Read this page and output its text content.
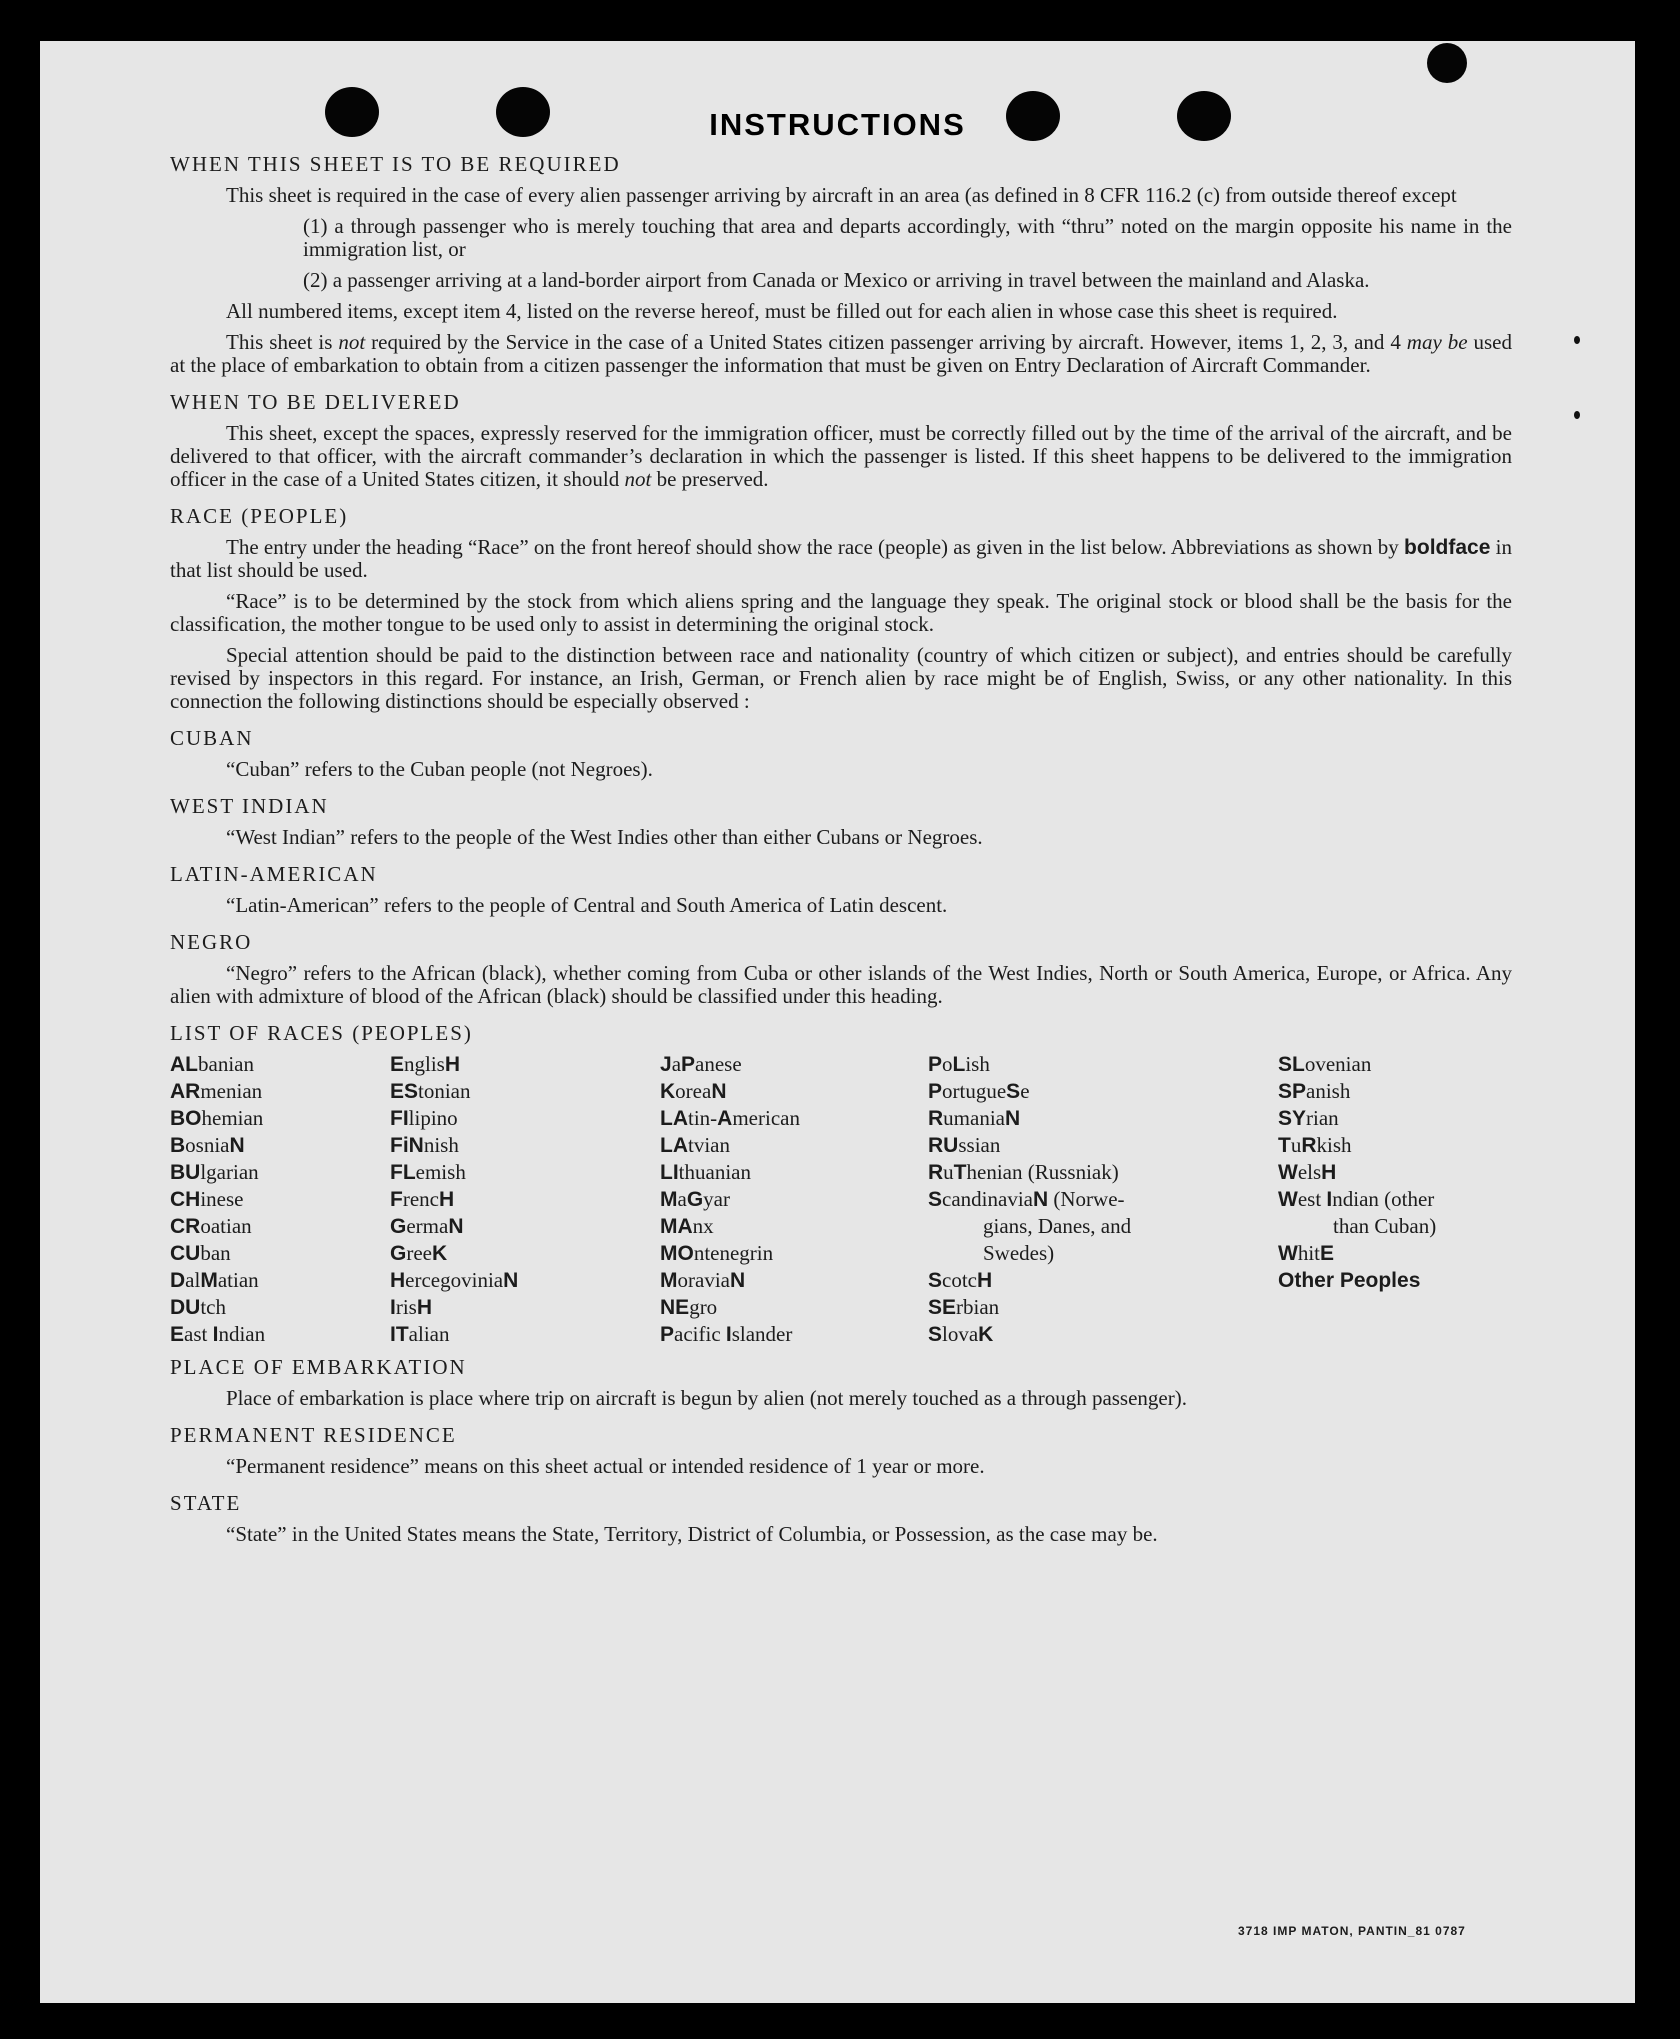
INSTRUCTIONS

WHEN THIS SHEET IS TO BE REQUIRED

This sheet is required in the case of every alien passenger arriving by aircraft in an area (as defined in 8 CFR 116.2 (c) from outside thereof except

(1) a through passenger who is merely touching that area and departs accordingly, with “thru” noted on the margin opposite his name in the immigration list, or

(2) a passenger arriving at a land-border airport from Canada or Mexico or arriving in travel between the mainland and Alaska.

All numbered items, except item 4, listed on the reverse hereof, must be filled out for each alien in whose case this sheet is required.

This sheet is not required by the Service in the case of a United States citizen passenger arriving by aircraft. However, items 1, 2, 3, and 4 may be used at the place of embarkation to obtain from a citizen passenger the information that must be given on Entry Declaration of Aircraft Commander.

WHEN TO BE DELIVERED

This sheet, except the spaces, expressly reserved for the immigration officer, must be correctly filled out by the time of the arrival of the aircraft, and be delivered to that officer, with the aircraft commander’s declaration in which the passenger is listed. If this sheet happens to be delivered to the immigration officer in the case of a United States citizen, it should not be preserved.

RACE (PEOPLE)

The entry under the heading “Race” on the front hereof should show the race (people) as given in the list below. Abbreviations as shown by boldface in that list should be used.

“Race” is to be determined by the stock from which aliens spring and the language they speak. The original stock or blood shall be the basis for the classification, the mother tongue to be used only to assist in determining the original stock.

Special attention should be paid to the distinction between race and nationality (country of which citizen or subject), and entries should be carefully revised by inspectors in this regard. For instance, an Irish, German, or French alien by race might be of English, Swiss, or any other nationality. In this connection the following distinctions should be especially observed :

CUBAN

“Cuban” refers to the Cuban people (not Negroes).

WEST INDIAN

“West Indian” refers to the people of the West Indies other than either Cubans or Negroes.

LATIN-AMERICAN

“Latin-American” refers to the people of Central and South America of Latin descent.

NEGRO

“Negro” refers to the African (black), whether coming from Cuba or other islands of the West Indies, North or South America, Europe, or Africa. Any alien with admixture of blood of the African (black) should be classified under this heading.

LIST OF RACES (PEOPLES)

ALbanian
ARmenian
BOhemian
BosniaN
BUlgarian
CHinese
CRoatian
CUban
DalMatian
DUtch
East Indian
EnglisH
EStonian
FIlipino
FiNnish
FLemish
FrencH
GermaN
GreeK
HercegoviniaN
IrisH
ITalian
JaPanese
KoreaN
LAtin-American
LAtvian
LIthuanian
MaGyar
MAnx
MOntenegrin
MoraviaN
NEgro
Pacific Islander
PoLish
PortugueSe
RumaniaN
RUssian
RuThenian (Russniak)
ScandinaviaN (Norwe-
gians, Danes, and
Swedes)
ScotcH
SErbian
SlovaK
SLovenian
SPanish
SYrian
TuRkish
WelsH
West Indian (other
than Cuban)
WhitE
Other Peoples

PLACE OF EMBARKATION

Place of embarkation is place where trip on aircraft is begun by alien (not merely touched as a through passenger).

PERMANENT RESIDENCE

“Permanent residence” means on this sheet actual or intended residence of 1 year or more.

STATE

“State” in the United States means the State, Territory, District of Columbia, or Possession, as the case may be.

3718 IMP MATON, PANTIN_81 0787
